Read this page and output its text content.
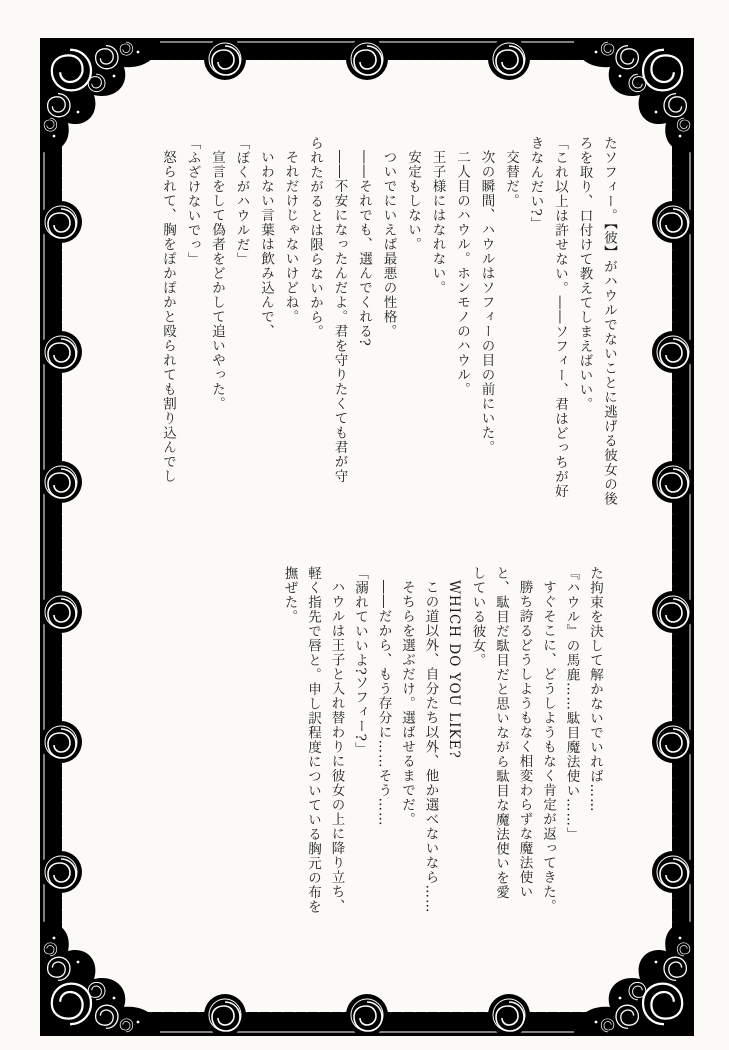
たソフィー。【彼】がハウルでないことに逃げる彼女の後

ろを取り、口付けて教えてしまえばいい。

「これ以上は許せない。――ソフィー、君はどっちが好

きなんだい?」

交替だ。

次の瞬間、ハウルはソフィーの目の前にいた。

二人目のハウル。ホンモノのハウル。

王子様にはなれない。

安定もしない。

ついでにいえば最悪の性格。

――それでも、選んでくれる?

――不安になったんだよ。君を守りたくても君が守

られたがるとは限らないから。

それだけじゃないけどね。

いわない言葉は飲み込んで、

「ぼくがハウルだ」

宣言をして偽者をどかして追いやった。

「ふざけないでっ」

怒られて、胸をぽかぽかと殴られても割り込んでし

た拘束を決して解かないでいれば……

『ハウル』の馬鹿……駄目魔法使い……」

すぐそこに、どうしようもなく肯定が返ってきた。

勝ち誇るどうしようもなく相変わらずな魔法使い

と、駄目だ駄目だと思いながら駄目な魔法使いを愛

している彼女。

WHICH DO YOU LIKE?

この道以外、自分たち以外、他か選べないなら……

そちらを選ぶだけ。選ばせるまでだ。

――だから、もう存分に……そう……

「溺れていいよ?ソフィー?」

ハウルは王子と入れ替わりに彼女の上に降り立ち、

軽く指先で唇と。申し訳程度についている胸元の布を

撫ぜた。
